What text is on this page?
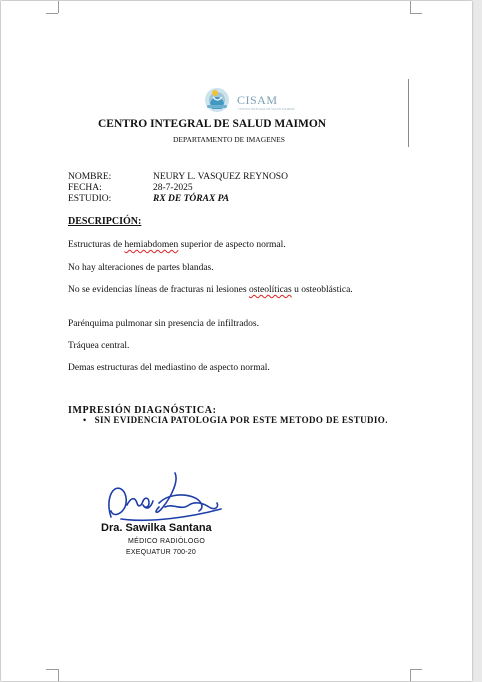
CISAM
CENTRO INTEGRAL DE SALUD MAIMON
CENTRO INTEGRAL DE SALUD MAIMON
DEPARTAMENTO DE IMAGENES
NOMBRE:	NEURY L. VASQUEZ REYNOSO
FECHA:	28-7-2025
ESTUDIO:	RX DE TÓRAX PA
DESCRIPCIÓN:
Estructuras de hemiabdomen superior de aspecto normal.
No hay alteraciones de partes blandas.
No se evidencias líneas de fracturas ni lesiones osteolíticas u osteoblástica.
Parénquima pulmonar sin presencia de infiltrados.
Tráquea central.
Demas estructuras del mediastino de aspecto normal.
IMPRESIÓN DIAGNÓSTICA:
• SIN EVIDENCIA PATOLOGIA POR ESTE METODO DE ESTUDIO.
Dra. Sawilka Santana
MÉDICO RADIÓLOGO
EXEQUATUR 700-20
